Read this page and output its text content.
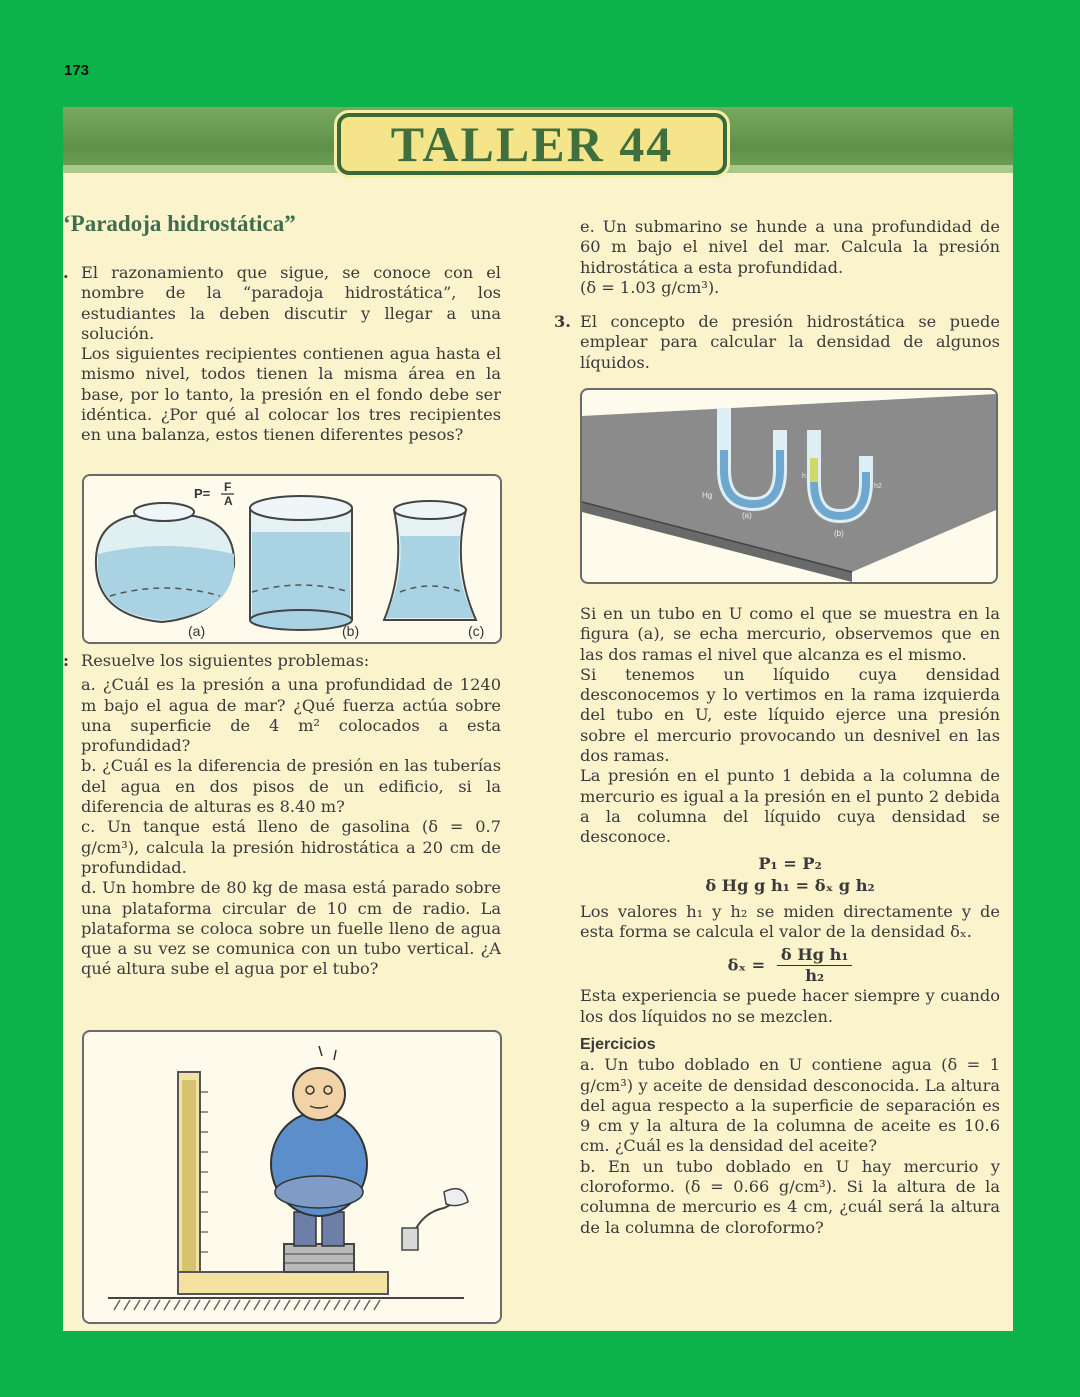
173
TALLER 44
‘Paradoja hidrostática”

. El razonamiento que sigue, se conoce con el nombre de la “paradoja hidrostática”, los estudiantes la deben discutir y llegar a una solución.

Los siguientes recipientes contienen agua hasta el mismo nivel, todos tienen la misma área en la base, por lo tanto, la presión en el fondo debe ser idéntica. ¿Por qué al colocar los tres recipientes en una balanza, estos tienen diferentes pesos?

P= F
A
(a)	(b)	(c)

: Resuelve los siguientes problemas:

a. ¿Cuál es la presión a una profundidad de 1240 m bajo el agua de mar? ¿Qué fuerza actúa sobre una superficie de 4 m² colocados a esta profundidad?

b. ¿Cuál es la diferencia de presión en las tuberías del agua en dos pisos de un edificio, si la diferencia de alturas es 8.40 m?

c. Un tanque está lleno de gasolina (δ = 0.7 g/cm³), calcula la presión hidrostática a 20 cm de profundidad.

d. Un hombre de 80 kg de masa está parado sobre una plataforma circular de 10 cm de radio. La plataforma se coloca sobre un fuelle lleno de agua que a su vez se comunica con un tubo vertical. ¿A qué altura sube el agua por el tubo?

e. Un submarino se hunde a una profundidad de 60 m bajo el nivel del mar. Calcula la presión hidrostática a esta profundidad.

(δ = 1.03 g/cm³).

3. El concepto de presión hidrostática se puede emplear para calcular la densidad de algunos líquidos.

Hg
(a)
(b)
h1
h2

Si en un tubo en U como el que se muestra en la figura (a), se echa mercurio, observemos que en las dos ramas el nivel que alcanza es el mismo.

Si tenemos un líquido cuya densidad desconocemos y lo vertimos en la rama izquierda del tubo en U, este líquido ejerce una presión sobre el mercurio provocando un desnivel en las dos ramas.

La presión en el punto 1 debida a la columna de mercurio es igual a la presión en el punto 2 debida a la columna del líquido cuya densidad se desconoce.

P₁ = P₂
δ Hg g h₁ = δₓ g h₂

Los valores h₁ y h₂ se miden directamente y de esta forma se calcula el valor de la densidad δₓ.

$\delta_x = \frac{\text{δ Hg h₁}}{\text{h₂}}$

Esta experiencia se puede hacer siempre y cuando los dos líquidos no se mezclen.

Ejercicios

a. Un tubo doblado en U contiene agua (δ = 1 g/cm³) y aceite de densidad desconocida. La altura del agua respecto a la superficie de separación es 9 cm y la altura de la columna de aceite es 10.6 cm. ¿Cuál es la densidad del aceite?

b. En un tubo doblado en U hay mercurio y cloroformo. (δ = 0.66 g/cm³). Si la altura de la columna de mercurio es 4 cm, ¿cuál será la altura de la columna de cloroformo?
